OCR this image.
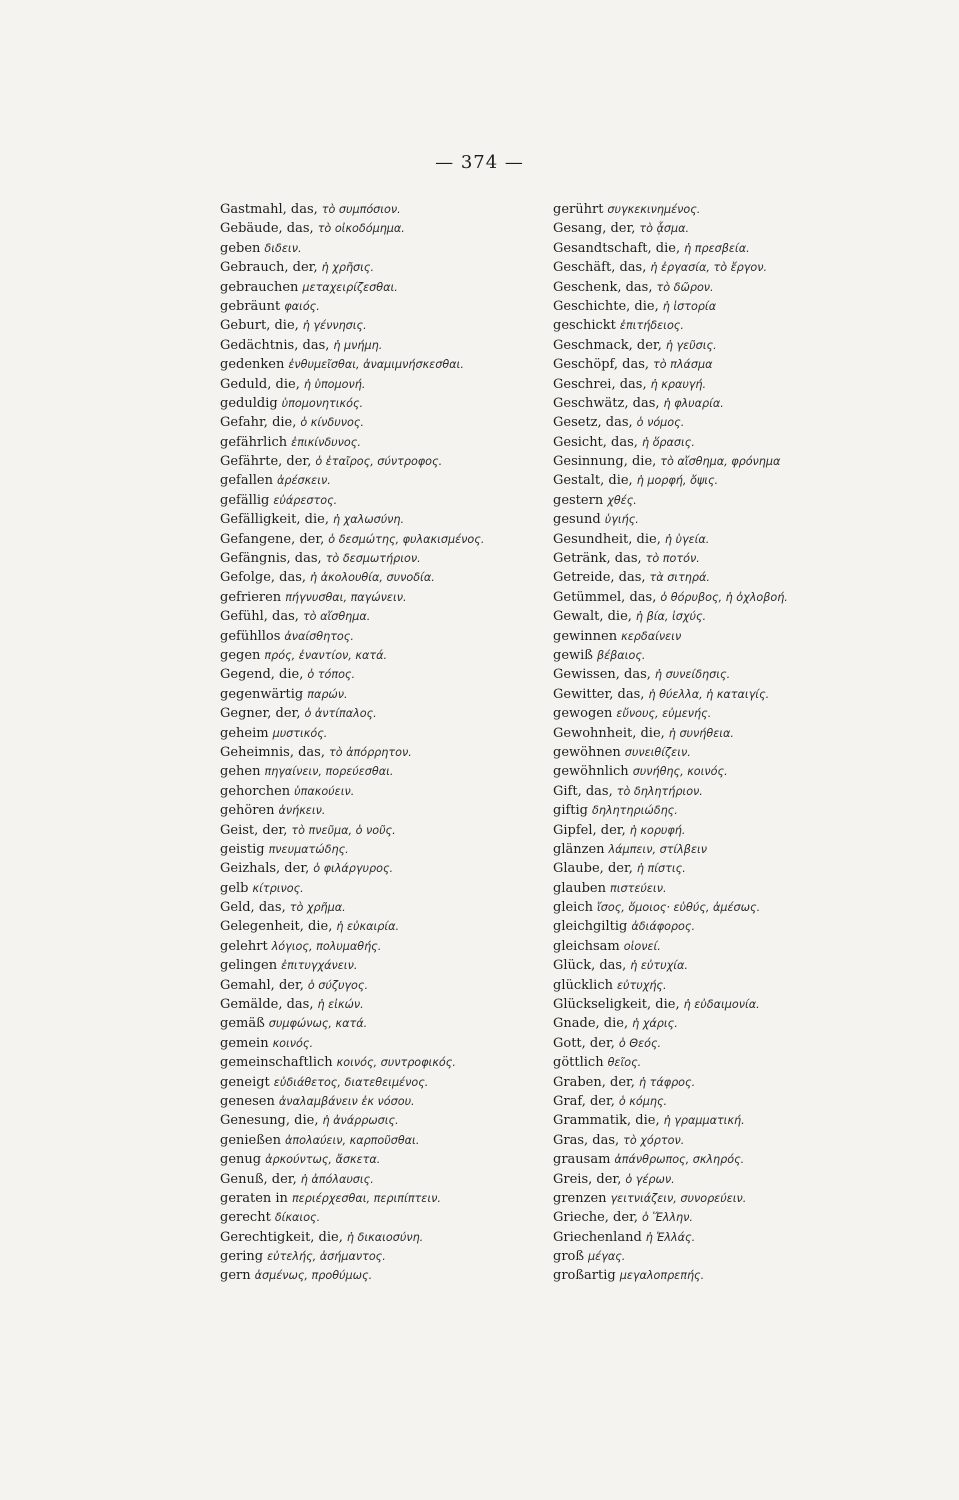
— 374 —
Gastmahl, das, τὸ συμπόσιον.
Gebäude, das, τὸ οἰκοδόμημα.
geben διδειν.
Gebrauch, der, ἡ χρῆσις.
gebrauchen μεταχειρίζεσθαι.
gebräunt φαιός.
Geburt, die, ἡ γέννησις.
Gedächtnis, das, ἡ μνήμη.
gedenken ἐνθυμεῖσθαι, ἀναμιμνήσκεσθαι.
Geduld, die, ἡ ὑπομονή.
geduldig ὑπομονητικός.
Gefahr, die, ὁ κίνδυνος.
gefährlich ἐπικίνδυνος.
Gefährte, der, ὁ ἑταῖρος, σύντροφος.
gefallen ἀρέσκειν.
gefällig εὐάρεστος.
Gefälligkeit, die, ἡ χαλωσύνη.
Gefangene, der, ὁ δεσμώτης, φυλακισμένος.
Gefängnis, das, τὸ δεσμωτήριον.
Gefolge, das, ἡ ἀκολουθία, συνοδία.
gefrieren πήγνυσθαι, παγώνειν.
Gefühl, das, τὸ αἴσθημα.
gefühllos ἀναίσθητος.
gegen πρός, ἐναντίον, κατά.
Gegend, die, ὁ τόπος.
gegenwärtig παρών.
Gegner, der, ὁ ἀντίπαλος.
geheim μυστικός.
Geheimnis, das, τὸ ἀπόρρητον.
gehen πηγαίνειν, πορεύεσθαι.
gehorchen ὑπακούειν.
gehören ἀνήκειν.
Geist, der, τὸ πνεῦμα, ὁ νοῦς.
geistig πνευματώδης.
Geizhals, der, ὁ φιλάργυρος.
gelb κίτρινος.
Geld, das, τὸ χρῆμα.
Gelegenheit, die, ἡ εὐκαιρία.
gelehrt λόγιος, πολυμαθής.
gelingen ἐπιτυγχάνειν.
Gemahl, der, ὁ σύζυγος.
Gemälde, das, ἡ εἰκών.
gemäß συμφώνως, κατά.
gemein κοινός.
gemeinschaftlich κοινός, συντροφικός.
geneigt εὐδιάθετος, διατεθειμένος.
genesen ἀναλαμβάνειν ἐκ νόσου.
Genesung, die, ἡ ἀνάρρωσις.
genießen ἀπολαύειν, καρποῦσθαι.
genug ἀρκούντως, ἄσκετα.
Genuß, der, ἡ ἀπόλαυσις.
geraten in περιέρχεσθαι, περιπίπτειν.
gerecht δίκαιος.
Gerechtigkeit, die, ἡ δικαιοσύνη.
gering εὐτελής, ἀσήμαντος.
gern ἀσμένως, προθύμως.
gerührt συγκεκινημένος.
Gesang, der, τὸ ᾆσμα.
Gesandtschaft, die, ἡ πρεσβεία.
Geschäft, das, ἡ ἐργασία, τὸ ἔργον.
Geschenk, das, τὸ δῶρον.
Geschichte, die, ἡ ἱστορία
geschickt ἐπιτήδειος.
Geschmack, der, ἡ γεῦσις.
Geschöpf, das, τὸ πλάσμα
Geschrei, das, ἡ κραυγή.
Geschwätz, das, ἡ φλυαρία.
Gesetz, das, ὁ νόμος.
Gesicht, das, ἡ ὅρασις.
Gesinnung, die, τὸ αἴσθημα, φρόνημα
Gestalt, die, ἡ μορφή, ὄψις.
gestern χθές.
gesund ὑγιής.
Gesundheit, die, ἡ ὑγεία.
Getränk, das, τὸ ποτόν.
Getreide, das, τὰ σιτηρά.
Getümmel, das, ὁ θόρυβος, ἡ ὀχλοβοή.
Gewalt, die, ἡ βία, ἰσχύς.
gewinnen κερδαίνειν
gewiß βέβαιος.
Gewissen, das, ἡ συνείδησις.
Gewitter, das, ἡ θύελλα, ἡ καταιγίς.
gewogen εὔνους, εὐμενής.
Gewohnheit, die, ἡ συνήθεια.
gewöhnen συνειθίζειν.
gewöhnlich συνήθης, κοινός.
Gift, das, τὸ δηλητήριον.
giftig δηλητηριώδης.
Gipfel, der, ἡ κορυφή.
glänzen λάμπειν, στίλβειν
Glaube, der, ἡ πίστις.
glauben πιστεύειν.
gleich ἴσος, ὅμοιος· εὐθύς, ἀμέσως.
gleichgiltig ἀδιάφορος.
gleichsam οἱονεί.
Glück, das, ἡ εὐτυχία.
glücklich εὐτυχής.
Glückseligkeit, die, ἡ εὐδαιμονία.
Gnade, die, ἡ χάρις.
Gott, der, ὁ Θεός.
göttlich θεῖος.
Graben, der, ἡ τάφρος.
Graf, der, ὁ κόμης.
Grammatik, die, ἡ γραμματική.
Gras, das, τὸ χόρτον.
grausam ἀπάνθρωπος, σκληρός.
Greis, der, ὁ γέρων.
grenzen γειτνιάζειν, συνορεύειν.
Grieche, der, ὁ Ἕλλην.
Griechenland ἡ Ἑλλάς.
groß μέγας.
großartig μεγαλοπρεπής.
